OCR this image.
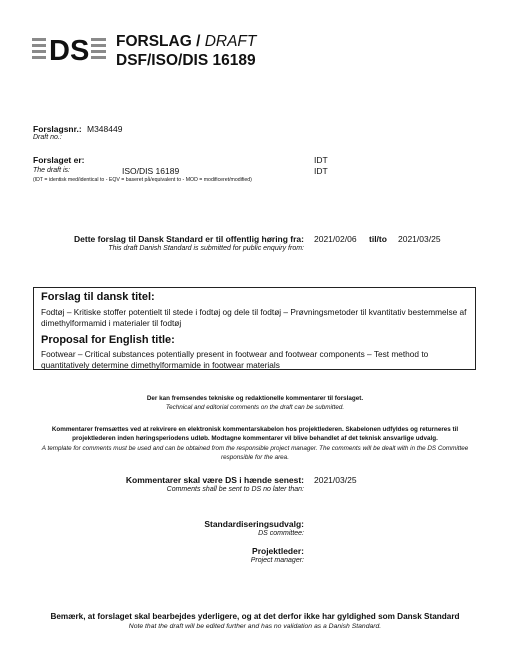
DS FORSLAG / DRAFT
DSF/ISO/DIS 16189
Forslagsnr.: M348449
Draft no.:
Forslaget er:	IDT
The draft is:	ISO/DIS 16189	IDT
(IDT = identisk med/identical to - EQV = baseret på/equivalent to - MOD = modificeret/modified)
Dette forslag til Dansk Standard er til offentlig høring fra:
This draft Danish Standard is submitted for public enquiry from:
2021/02/06 til/to 2021/03/25
Forslag til dansk titel:
Fodtøj – Kritiske stoffer potentielt til stede i fodtøj og dele til fodtøj – Prøvningsmetoder til kvantitativ bestemmelse af dimethylformamid i materialer til fodtøj
Proposal for English title:
Footwear – Critical substances potentially present in footwear and footwear components – Test method to quantitatively determine dimethylformamide in footwear materials
Der kan fremsendes tekniske og redaktionelle kommentarer til forslaget.
Technical and editorial comments on the draft can be submitted.
Kommentarer fremsættes ved at rekvirere en elektronisk kommentarskabelon hos projektlederen. Skabelonen udfyldes og returneres til projektlederen inden høringsperiodens udløb. Modtagne kommentarer vil blive behandlet af det teknisk ansvarlige udvalg.
A template for comments must be used and can be obtained from the responsible project manager. The comments will be dealt with in the DS Committee responsible for the area.
Kommentarer skal være DS i hænde senest:
Comments shall be sent to DS no later than:
2021/03/25
Standardiseringsudvalg:
DS committee:
Projektleder:
Project manager:
Bemærk, at forslaget skal bearbejdes yderligere, og at det derfor ikke har gyldighed som Dansk Standard
Note that the draft will be edited further and has no validation as a Danish Standard.
